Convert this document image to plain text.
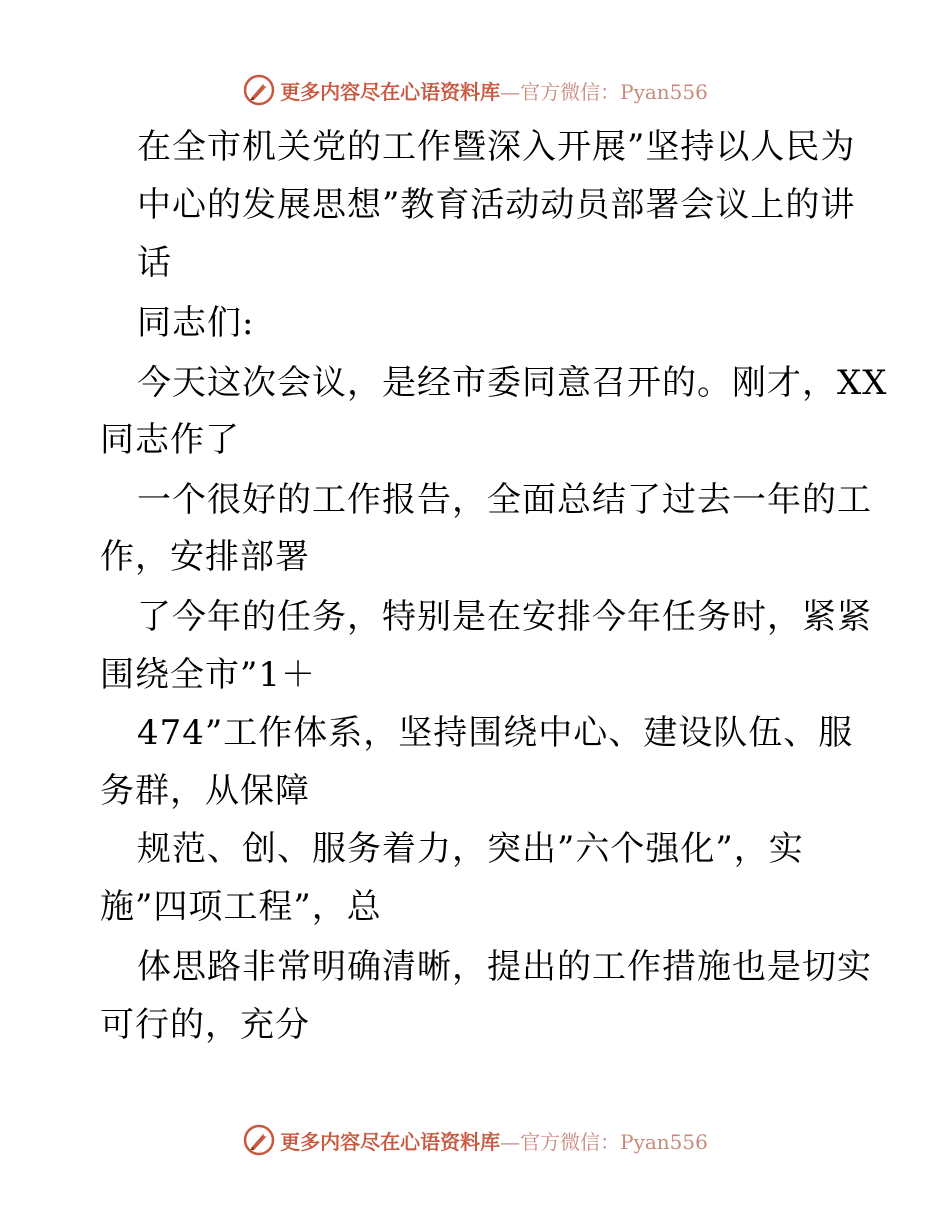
更多内容尽在心语资料库—官方微信：Pyan556
在全市机关党的工作暨深入开展”坚持以人民为
中心的发展思想”教育活动动员部署会议上的讲
话
同志们:
今天这次会议，是经市委同意召开的。刚才，XX
同志作了
一个很好的工作报告，全面总结了过去一年的工
作，安排部署
了今年的任务，特别是在安排今年任务时，紧紧
围绕全市”1＋
474”工作体系，坚持围绕中心、建设队伍、服
务群，从保障
规范、创、服务着力，突出”六个强化”，实
施”四项工程”，总
体思路非常明确清晰，提出的工作措施也是切实
可行的，充分
更多内容尽在心语资料库—官方微信：Pyan556
